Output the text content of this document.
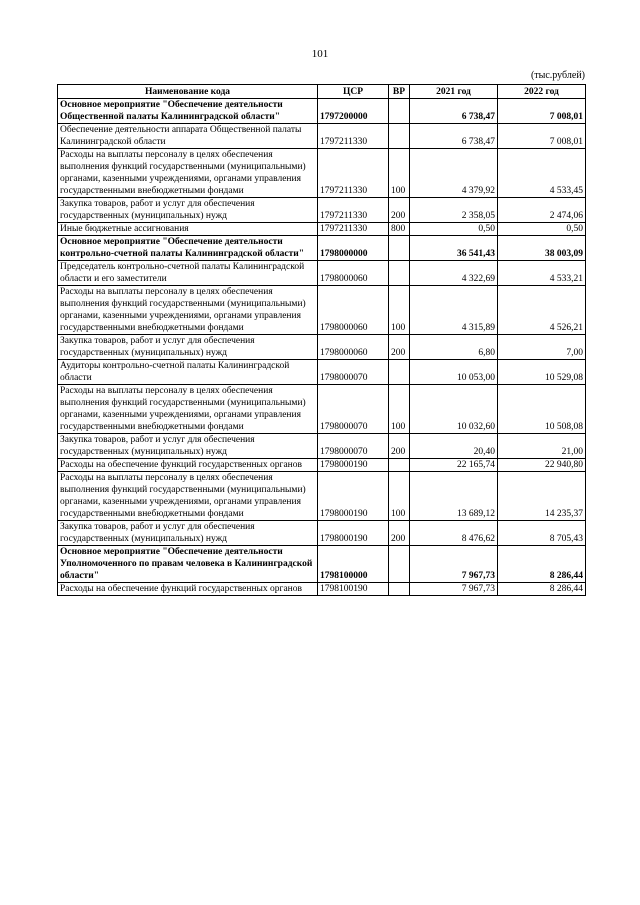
101
(тыс.рублей)
Наименование кода	ЦСР	ВР	2021 год	2022 год
Основное мероприятие "Обеспечение деятельности Общественной палаты Калининградской области"	1797200000		6 738,47	7 008,01
Обеспечение деятельности аппарата Общественной палаты Калининградской области	1797211330		6 738,47	7 008,01
Расходы на выплаты персоналу в целях обеспечения выполнения функций государственными (муниципальными) органами, казенными учреждениями, органами управления государственными внебюджетными фондами	1797211330	100	4 379,92	4 533,45
Закупка товаров, работ и услуг для обеспечения государственных (муниципальных) нужд	1797211330	200	2 358,05	2 474,06
Иные бюджетные ассигнования	1797211330	800	0,50	0,50
Основное мероприятие "Обеспечение деятельности контрольно-счетной палаты Калининградской области"	1798000000		36 541,43	38 003,09
Председатель контрольно-счетной палаты Калининградской области и его заместители	1798000060		4 322,69	4 533,21
Расходы на выплаты персоналу в целях обеспечения выполнения функций государственными (муниципальными) органами, казенными учреждениями, органами управления государственными внебюджетными фондами	1798000060	100	4 315,89	4 526,21
Закупка товаров, работ и услуг для обеспечения государственных (муниципальных) нужд	1798000060	200	6,80	7,00
Аудиторы контрольно-счетной палаты Калининградской области	1798000070		10 053,00	10 529,08
Расходы на выплаты персоналу в целях обеспечения выполнения функций государственными (муниципальными) органами, казенными учреждениями, органами управления государственными внебюджетными фондами	1798000070	100	10 032,60	10 508,08
Закупка товаров, работ и услуг для обеспечения государственных (муниципальных) нужд	1798000070	200	20,40	21,00
Расходы на обеспечение функций государственных органов	1798000190		22 165,74	22 940,80
Расходы на выплаты персоналу в целях обеспечения выполнения функций государственными (муниципальными) органами, казенными учреждениями, органами управления государственными внебюджетными фондами	1798000190	100	13 689,12	14 235,37
Закупка товаров, работ и услуг для обеспечения государственных (муниципальных) нужд	1798000190	200	8 476,62	8 705,43
Основное мероприятие "Обеспечение деятельности Уполномоченного по правам человека в Калининградской области"	1798100000		7 967,73	8 286,44
Расходы на обеспечение функций государственных органов	1798100190		7 967,73	8 286,44
